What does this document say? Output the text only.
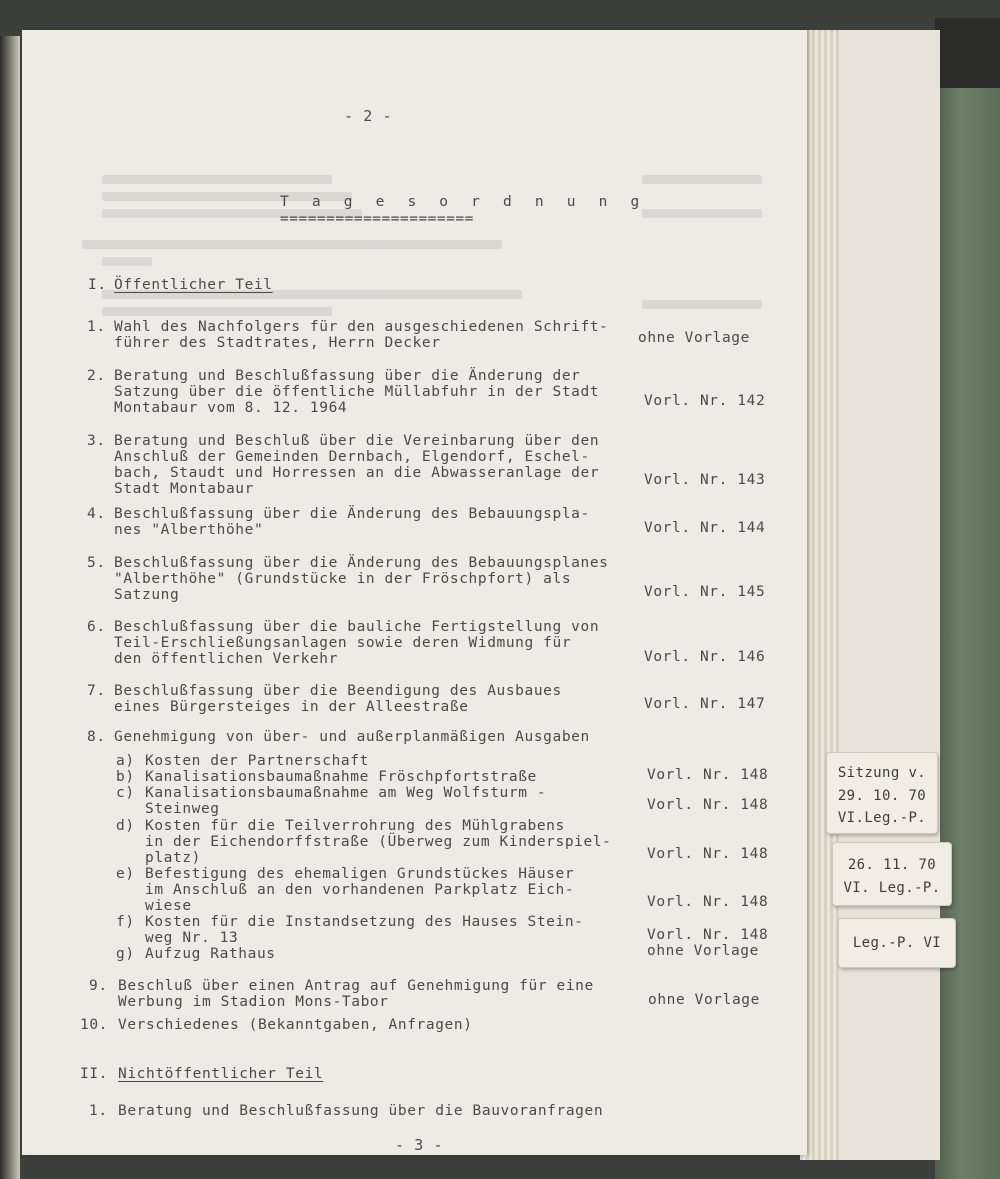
Sitzung v.
29. 10. 70
VI.Leg.-P.
26. 11. 70
VI. Leg.-P.
Leg.-P. VI
- 2 -
T a g e s o r d n u n g
=====================
I. Öffentlicher Teil
1. Wahl des Nachfolgers für den ausgeschiedenen Schrift-
führer des Stadtrates, Herrn Decker	ohne Vorlage
2. Beratung und Beschlußfassung über die Änderung der
Satzung über die öffentliche Müllabfuhr in der Stadt
Montabaur vom 8. 12. 1964	Vorl. Nr. 142
3. Beratung und Beschluß über die Vereinbarung über den
Anschluß der Gemeinden Dernbach, Elgendorf, Eschel-
bach, Staudt und Horressen an die Abwasseranlage der
Stadt Montabaur
Vorl. Nr. 143
4. Beschlußfassung über die Änderung des Bebauungspla-
nes "Alberthöhe"	Vorl. Nr. 144
5. Beschlußfassung über die Änderung des Bebauungsplanes
"Alberthöhe" (Grundstücke in der Fröschpfort) als
Satzung	Vorl. Nr. 145
6. Beschlußfassung über die bauliche Fertigstellung von
Teil-Erschließungsanlagen sowie deren Widmung für
den öffentlichen Verkehr	Vorl. Nr. 146
7. Beschlußfassung über die Beendigung des Ausbaues
eines Bürgersteiges in der Alleestraße	Vorl. Nr. 147
8. Genehmigung von über- und außerplanmäßigen Ausgaben
a) Kosten der Partnerschaft
b) Kanalisationsbaumaßnahme Fröschpfortstraße	Vorl. Nr. 148
c) Kanalisationsbaumaßnahme am Weg Wolfsturm -
Steinweg	Vorl. Nr. 148
d) Kosten für die Teilverrohrung des Mühlgrabens
in der Eichendorffstraße (Überweg zum Kinderspiel-
platz)	Vorl. Nr. 148
e) Befestigung des ehemaligen Grundstückes Häuser
im Anschluß an den vorhandenen Parkplatz Eich-
wiese	Vorl. Nr. 148
f) Kosten für die Instandsetzung des Hauses Stein-
weg Nr. 13	Vorl. Nr. 148
g) Aufzug Rathaus	ohne Vorlage
9. Beschluß über einen Antrag auf Genehmigung für eine
Werbung im Stadion Mons-Tabor	ohne Vorlage
10. Verschiedenes (Bekanntgaben, Anfragen)
II. Nichtöffentlicher Teil
1. Beratung und Beschlußfassung über die Bauvoranfragen
- 3 -
